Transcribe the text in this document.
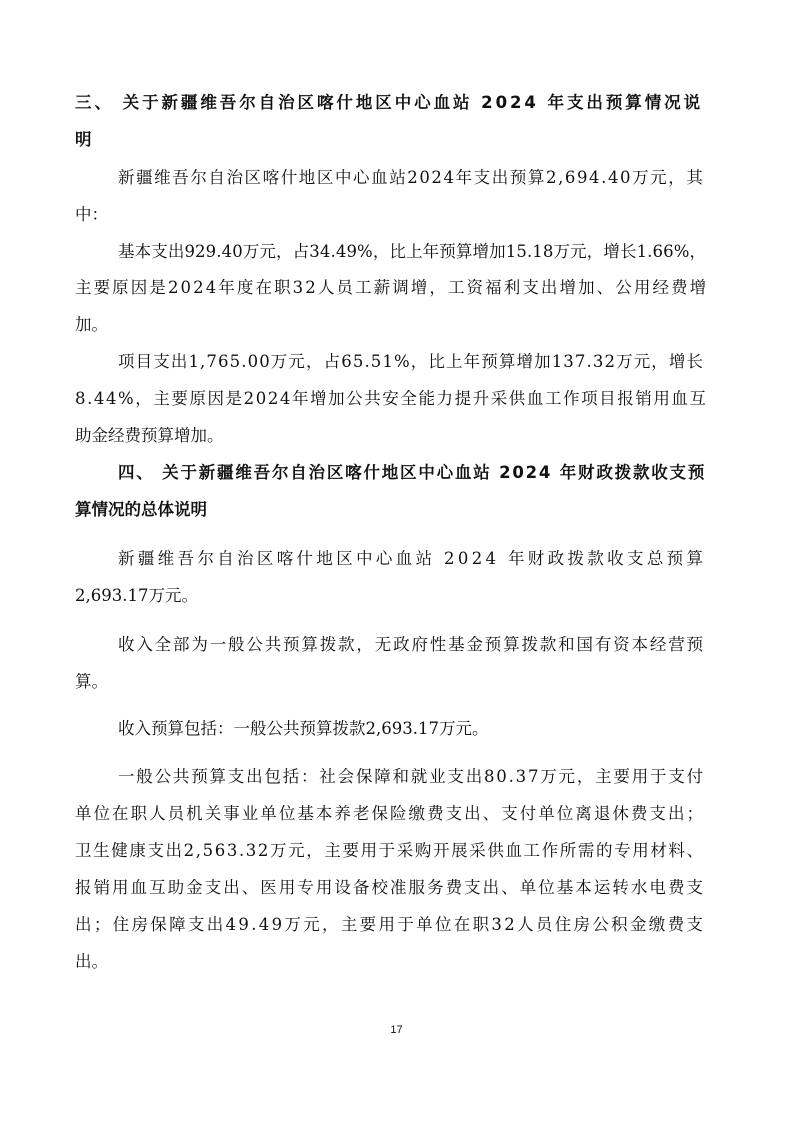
三、 关于新疆维吾尔自治区喀什地区中心血站 2024 年支出预算情况说
明
新疆维吾尔自治区喀什地区中心血站2024年支出预算2,694.40万元，其
中：
基本支出929.40万元，占34.49%，比上年预算增加15.18万元，增长1.66%，
主要原因是2024年度在职32人员工薪调增，工资福利支出增加、公用经费增
加。
项目支出1,765.00万元，占65.51%，比上年预算增加137.32万元，增长
8.44%，主要原因是2024年增加公共安全能力提升采供血工作项目报销用血互
助金经费预算增加。
四、 关于新疆维吾尔自治区喀什地区中心血站 2024 年财政拨款收支预
算情况的总体说明
新疆维吾尔自治区喀什地区中心血站 2024 年财政拨款收支总预算
2,693.17万元。
收入全部为一般公共预算拨款，无政府性基金预算拨款和国有资本经营预
算。
收入预算包括：一般公共预算拨款2,693.17万元。
一般公共预算支出包括：社会保障和就业支出80.37万元，主要用于支付
单位在职人员机关事业单位基本养老保险缴费支出、支付单位离退休费支出；
卫生健康支出2,563.32万元，主要用于采购开展采供血工作所需的专用材料、
报销用血互助金支出、医用专用设备校准服务费支出、单位基本运转水电费支
出；住房保障支出49.49万元，主要用于单位在职32人员住房公积金缴费支
出。
17
